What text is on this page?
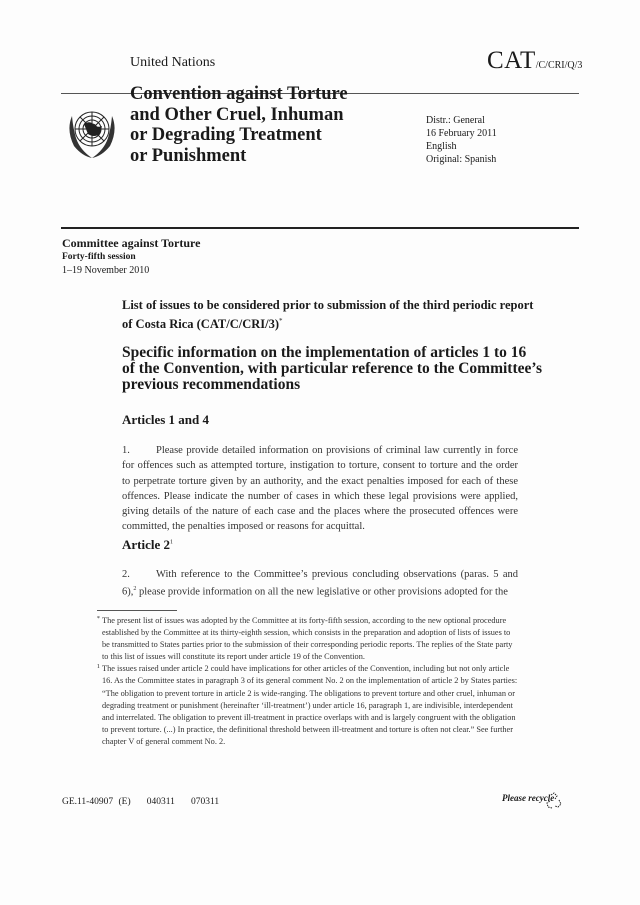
United Nations	CAT/C/CRI/Q/3
Convention against Torture
and Other Cruel, Inhuman
or Degrading Treatment
or Punishment
Distr.: General
16 February 2011
English
Original: Spanish
Committee against Torture
Forty-fifth session
1–19 November 2010
List of issues to be considered prior to submission of the third periodic report of Costa Rica (CAT/C/CRI/3)*
Specific information on the implementation of articles 1 to 16 of the Convention, with particular reference to the Committee’s previous recommendations
Articles 1 and 4
1. Please provide detailed information on provisions of criminal law currently in force for offences such as attempted torture, instigation to torture, consent to torture and the order to perpetrate torture given by an authority, and the exact penalties imposed for each of these offences. Please indicate the number of cases in which these legal provisions were applied, giving details of the nature of each case and the places where the prosecuted offences were committed, the penalties imposed or reasons for acquittal.
Article $2^1$
2. With reference to the Committee’s previous concluding observations (paras. 5 and 6),$^2$ please provide information on all the new legislative or other provisions adopted for the
* The present list of issues was adopted by the Committee at its forty-fifth session, according to the new optional procedure established by the Committee at its thirty-eighth session, which consists in the preparation and adoption of lists of issues to be transmitted to States parties prior to the submission of their corresponding periodic reports. The replies of the State party to this list of issues will constitute its report under article 19 of the Convention.
1 The issues raised under article 2 could have implications for other articles of the Convention, including but not only article 16. As the Committee states in paragraph 3 of its general comment No. 2 on the implementation of article 2 by States parties: “The obligation to prevent torture in article 2 is wide-ranging. The obligations to prevent torture and other cruel, inhuman or degrading treatment or punishment (hereinafter ‘ill-treatment’) under article 16, paragraph 1, are indivisible, interdependent and interrelated. The obligation to prevent ill-treatment in practice overlaps with and is largely congruent with the obligation to prevent torture. (...) In practice, the definitional threshold between ill-treatment and torture is often not clear.” See further chapter V of general comment No. 2.
GE.11-40907 (E)   040311   070311	Please recycle
